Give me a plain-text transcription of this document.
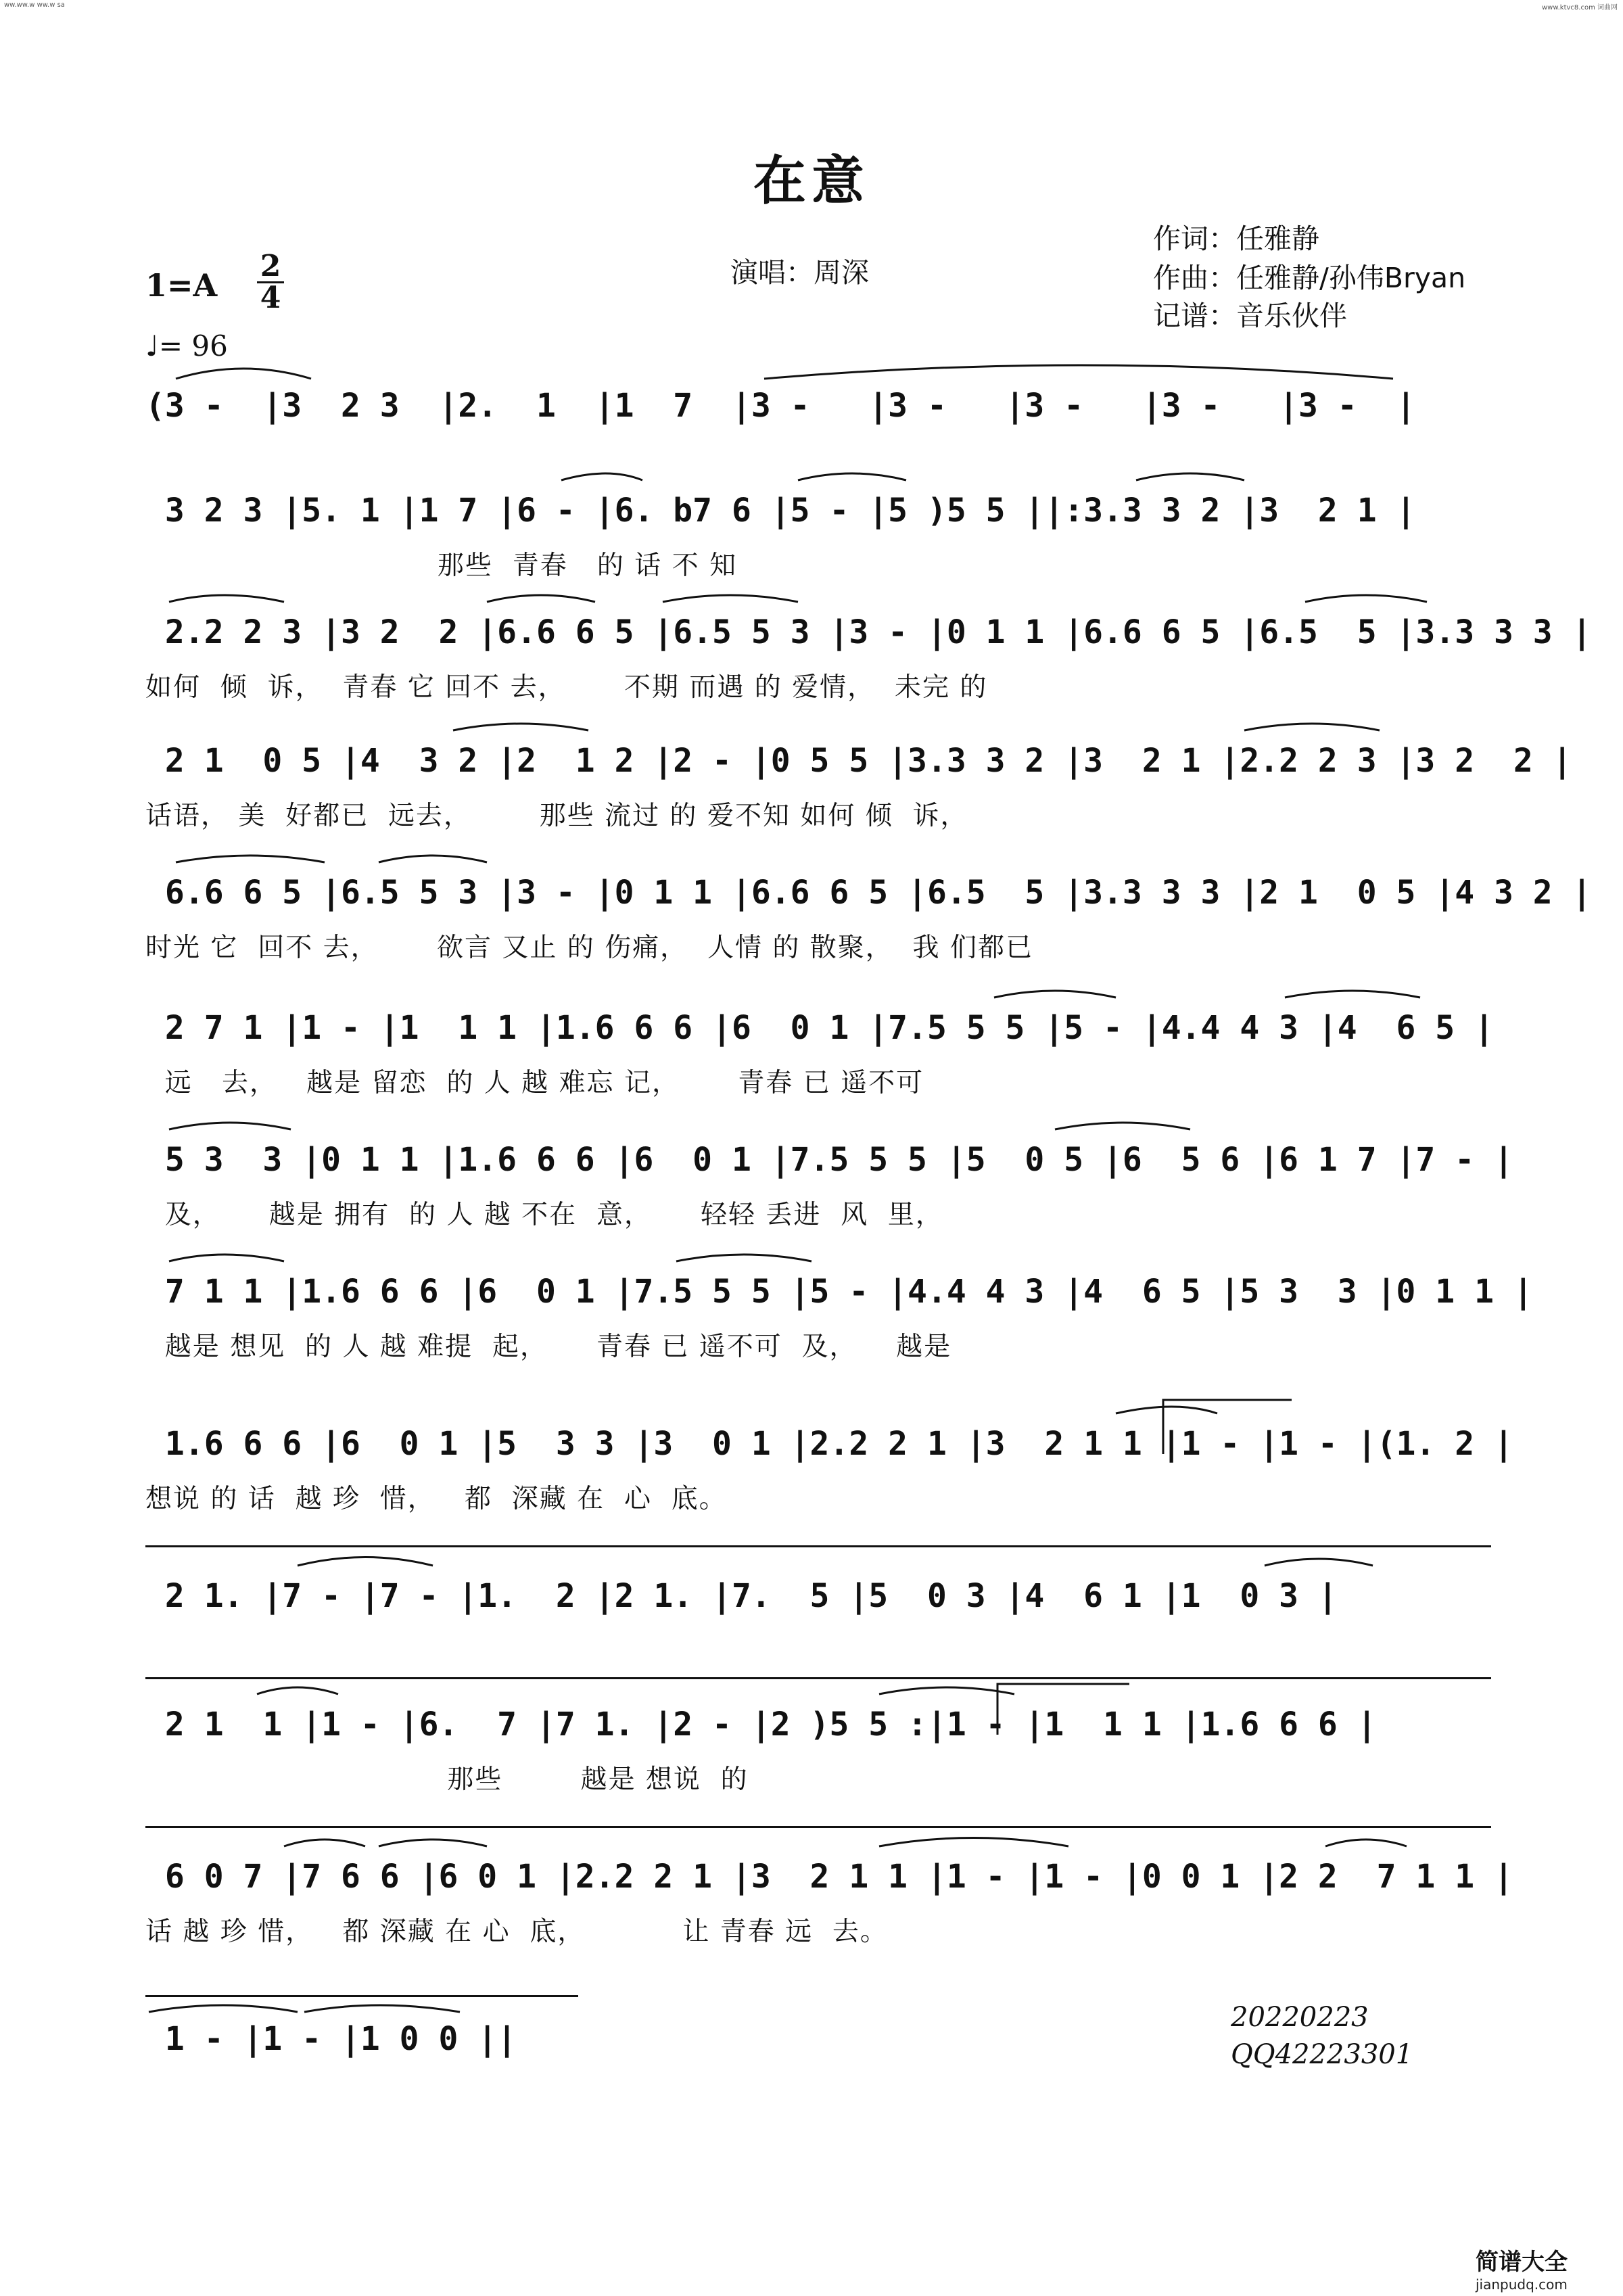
ww.ww.w ww.w sa	www.ktvc8.com 词曲网
在意
演唱：周深
作词：任雅静
作曲：任雅静/孙伟Bryan
记谱：音乐伙伴
$1=A \frac{2}{4}$
♩= 96
(3 -  |3  2 3  |2.  1  |1  7  |3 -   |3 -   |3 -   |3 -   |3 -  |
3 2 3 |5. 1 |1 7 |6 - |6. b7 6 |5 - |5 )5 5 ||:3.3 3 2 |3  2 1 |
那些  青春   的 话 不 知
2.2 2 3 |3 2  2 |6.6 6 5 |6.5 5 3 |3 - |0 1 1 |6.6 6 5 |6.5  5 |3.3 3 3 |
如何  倾  诉，  青春 它 回不 去，      不期 而遇 的 爱情，  未完 的
2 1  0 5 |4  3 2 |2  1 2 |2 - |0 5 5 |3.3 3 2 |3  2 1 |2.2 2 3 |3 2  2 |
话语， 美  好都已  远去，       那些 流过 的 爱不知 如何 倾  诉，
6.6 6 5 |6.5 5 3 |3 - |0 1 1 |6.6 6 5 |6.5  5 |3.3 3 3 |2 1  0 5 |4 3 2 |
时光 它  回不 去，      欲言 又止 的 伤痛，  人情 的 散聚，  我 们都已
2 7 1 |1 - |1  1 1 |1.6 6 6 |6  0 1 |7.5 5 5 |5 - |4.4 4 3 |4  6 5 |
远   去，   越是 留恋  的 人 越 难忘 记，      青春 已 遥不可
5 3  3 |0 1 1 |1.6 6 6 |6  0 1 |7.5 5 5 |5  0 5 |6  5 6 |6 1 7 |7 - |
及，     越是 拥有  的 人 越 不在  意，     轻轻 丢进  风  里，
7 1 1 |1.6 6 6 |6  0 1 |7.5 5 5 |5 - |4.4 4 3 |4  6 5 |5 3  3 |0 1 1 |
越是 想见  的 人 越 难提  起，     青春 已 遥不可  及，    越是
1.6 6 6 |6  0 1 |5  3 3 |3  0 1 |2.2 2 1 |3  2 1 1 |1 - |1 - |(1. 2 |
想说 的 话  越 珍  惜，   都  深藏 在  心  底。
2 1. |7 - |7 - |1.  2 |2 1. |7.  5 |5  0 3 |4  6 1 |1  0 3 |
2 1  1 |1 - |6.  7 |7 1. |2 - |2 )5 5 :|1 - |1  1 1 |1.6 6 6 |
那些        越是 想说  的
6 0 7 |7 6 6 |6 0 1 |2.2 2 1 |3  2 1 1 |1 - |1 - |0 0 1 |2 2  7 1 1 |
话 越 珍 惜，   都 深藏 在 心  底，          让 青春 远  去。
1 - |1 - |1 0 0 ||
20220223
QQ42223301
简谱大全
jianpudq.com
